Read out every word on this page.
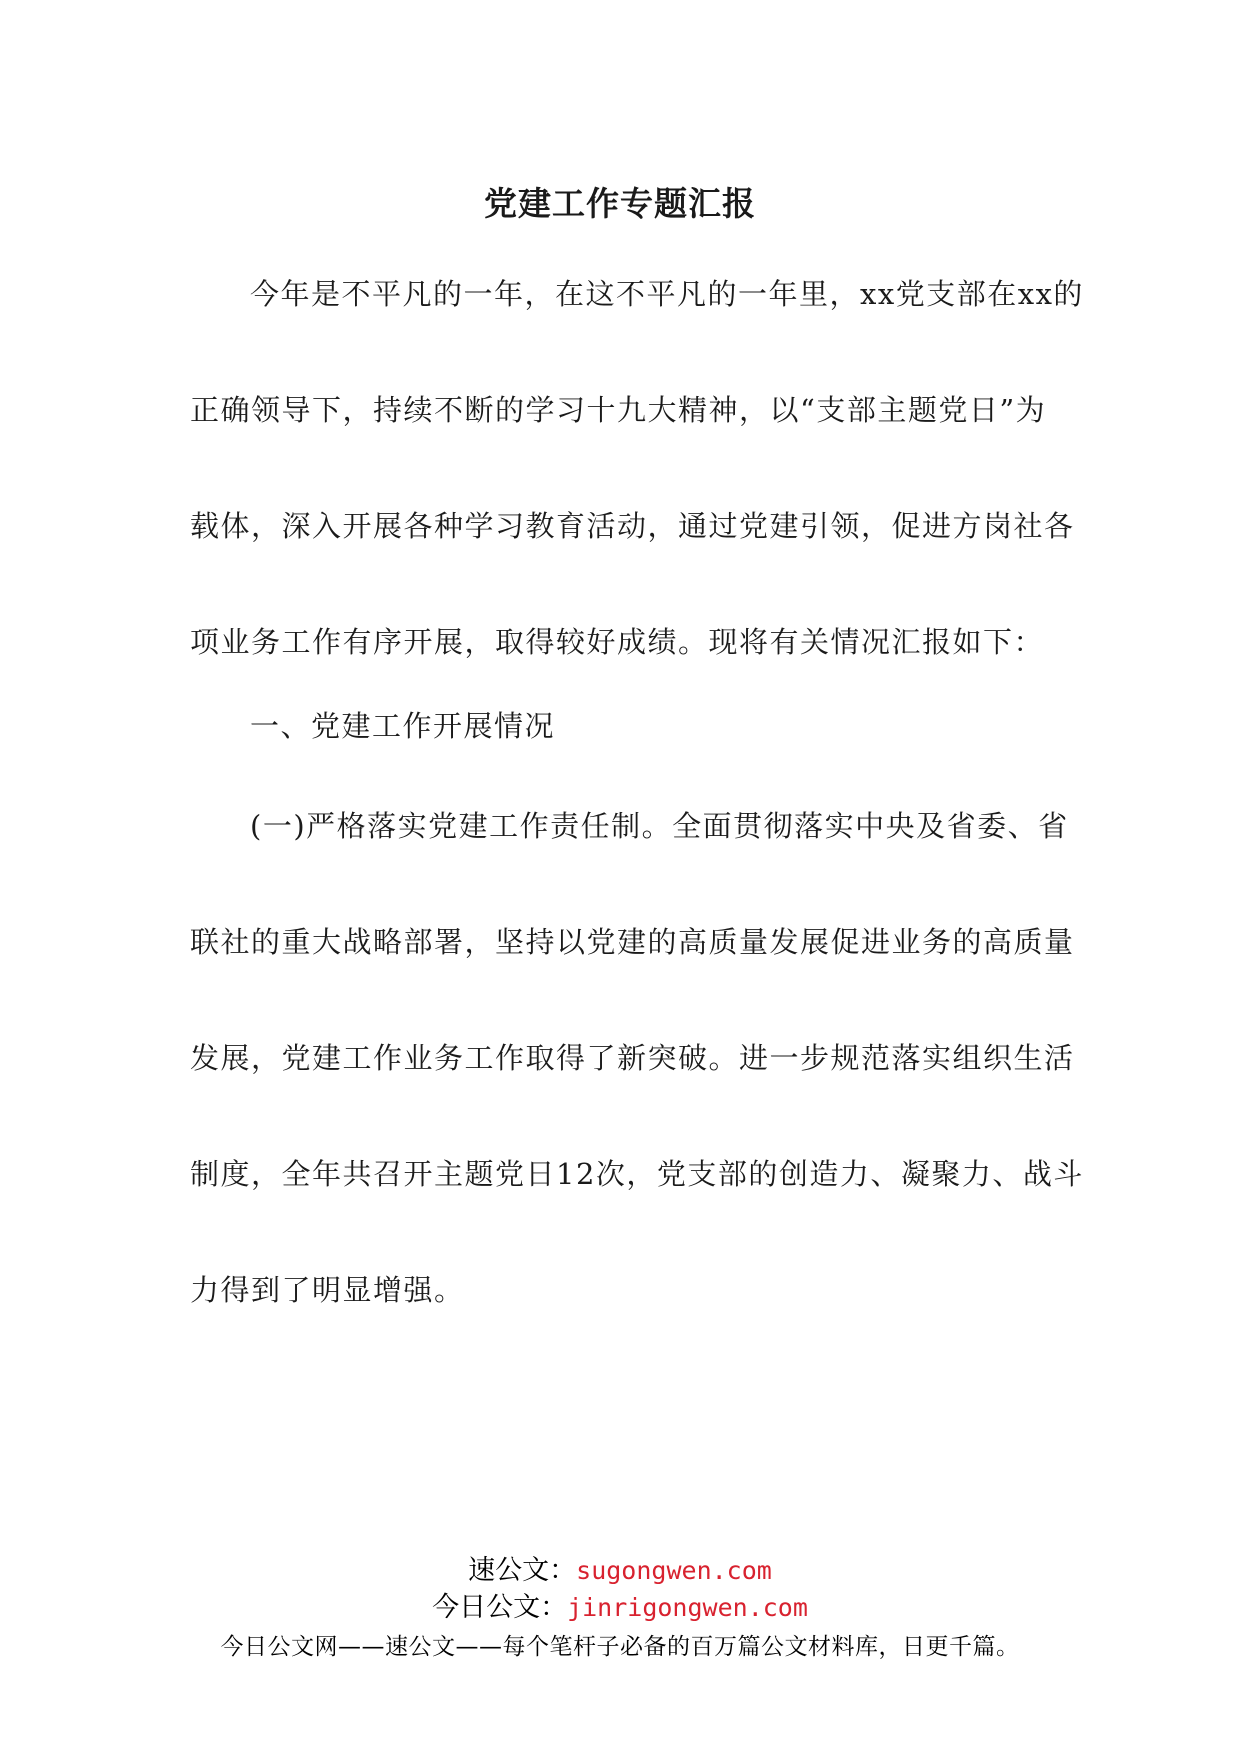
党建工作专题汇报
今年是不平凡的一年，在这不平凡的一年里，xx党支部在xx的
正确领导下，持续不断的学习十九大精神，以“支部主题党日”为
载体，深入开展各种学习教育活动，通过党建引领，促进方岗社各
项业务工作有序开展，取得较好成绩。现将有关情况汇报如下：
一、党建工作开展情况
(一)严格落实党建工作责任制。全面贯彻落实中央及省委、省
联社的重大战略部署，坚持以党建的高质量发展促进业务的高质量
发展，党建工作业务工作取得了新突破。进一步规范落实组织生活
制度，全年共召开主题党日12次，党支部的创造力、凝聚力、战斗
力得到了明显增强。
速公文：sugongwen.com
今日公文：jinrigongwen.com
今日公文网——速公文——每个笔杆子必备的百万篇公文材料库，日更千篇。
